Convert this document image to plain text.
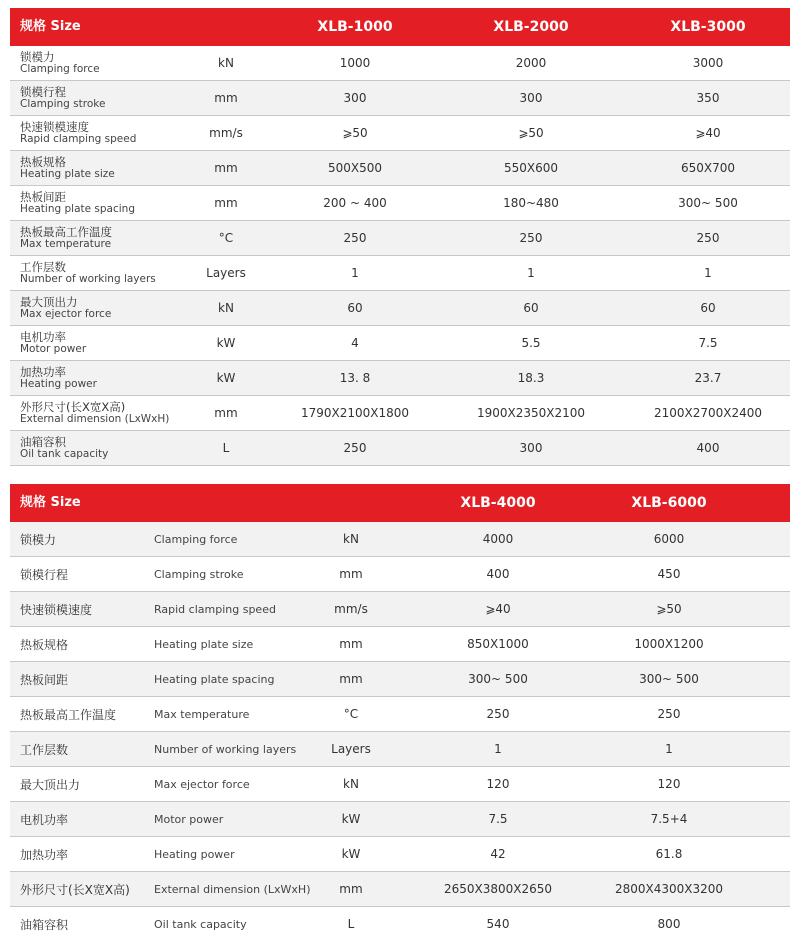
规格 Size	XLB-1000	XLB-2000	XLB-3000
锁模力
Clamping force	kN	1000	2000	3000
锁模行程
Clamping stroke	mm	300	300	350
快速锁模速度
Rapid clamping speed	mm/s	⩾50	⩾50	⩾40
热板规格
Heating plate size	mm	500X500	550X600	650X700
热板间距
Heating plate spacing	mm	200 ~ 400	180~480	300~ 500
热板最高工作温度
Max temperature	°C	250	250	250
工作层数
Number of working layers	Layers	1	1	1
最大顶出力
Max ejector force	kN	60	60	60
电机功率
Motor power	kW	4	5.5	7.5
加热功率
Heating power	kW	13. 8	18.3	23.7
外形尺寸(长X宽X高)
External dimension (LxWxH)	mm	1790X2100X1800	1900X2350X2100	2100X2700X2400
油箱容积
Oil tank capacity	L	250	300	400
规格 Size	XLB-4000	XLB-6000
锁模力	Clamping force	kN	4000	6000
锁模行程	Clamping stroke	mm	400	450
快速锁模速度	Rapid clamping speed	mm/s	⩾40	⩾50
热板规格	Heating plate size	mm	850X1000	1000X1200
热板间距	Heating plate spacing	mm	300~ 500	300~ 500
热板最高工作温度	Max temperature	°C	250	250
工作层数	Number of working layers	Layers	1	1
最大顶出力	Max ejector force	kN	120	120
电机功率	Motor power	kW	7.5	7.5+4
加热功率	Heating power	kW	42	61.8
外形尺寸(长X宽X高) External dimension (LxWxH)	mm	2650X3800X2650	2800X4300X3200
油箱容积	Oil tank capacity	L	540	800
